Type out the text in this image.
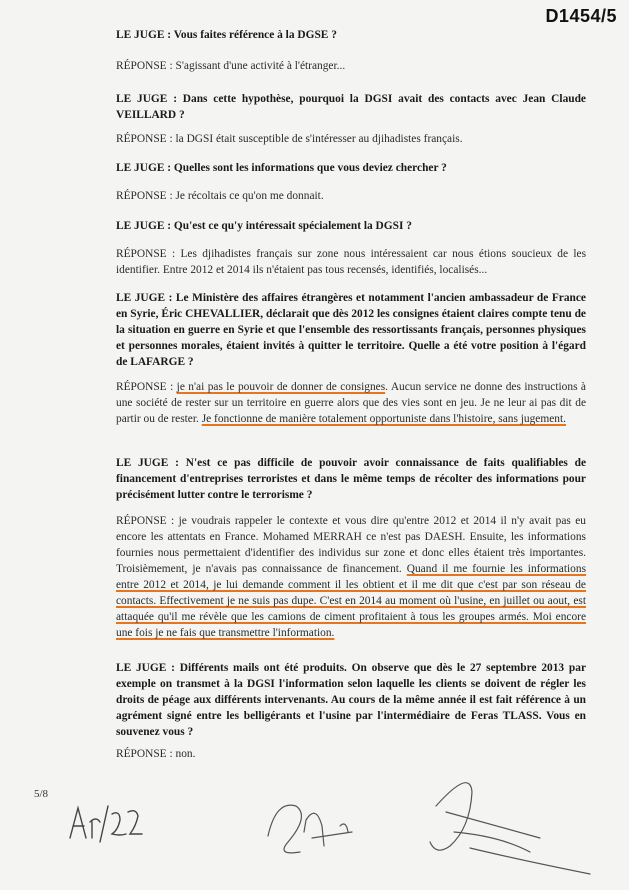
D1454/5
LE JUGE : Vous faites référence à la DGSE ?
RÉPONSE : S'agissant d'une activité à l'étranger...
LE JUGE : Dans cette hypothèse, pourquoi la DGSI avait des contacts avec Jean Claude VEILLARD ?
RÉPONSE : la DGSI était susceptible de s'intéresser au djihadistes français.
LE JUGE : Quelles sont les informations que vous deviez chercher ?
RÉPONSE : Je récoltais ce qu'on me donnait.
LE JUGE : Qu'est ce qu'y intéressait spécialement la DGSI ?
RÉPONSE : Les djihadistes français sur zone nous intéressaient car nous étions soucieux de les identifier. Entre 2012 et 2014 ils n'étaient pas tous recensés, identifiés, localisés...
LE JUGE : Le Ministère des affaires étrangères et notamment l'ancien ambassadeur de France en Syrie, Éric CHEVALLIER, déclarait que dès 2012 les consignes étaient claires compte tenu de la situation en guerre en Syrie et que l'ensemble des ressortissants français, personnes physiques et personnes morales, étaient invités à quitter le territoire. Quelle a été votre position à l'égard de LAFARGE ?
RÉPONSE : je n'ai pas le pouvoir de donner de consignes. Aucun service ne donne des instructions à une société de rester sur un territoire en guerre alors que des vies sont en jeu. Je ne leur ai pas dit de partir ou de rester. Je fonctionne de manière totalement opportuniste dans l'histoire, sans jugement.
LE JUGE : N'est ce pas difficile de pouvoir avoir connaissance de faits qualifiables de financement d'entreprises terroristes et dans le même temps de récolter des informations pour précisément lutter contre le terrorisme ?
RÉPONSE : je voudrais rappeler le contexte et vous dire qu'entre 2012 et 2014 il n'y avait pas eu encore les attentats en France. Mohamed MERRAH ce n'est pas DAESH. Ensuite, les informations fournies nous permettaient d'identifier des individus sur zone et donc elles étaient très importantes. Troisièmement, je n'avais pas connaissance de financement. Quand il me fournie les informations entre 2012 et 2014, je lui demande comment il les obtient et il me dit que c'est par son réseau de contacts. Effectivement je ne suis pas dupe. C'est en 2014 au moment où l'usine, en juillet ou aout, est attaquée qu'il me révèle que les camions de ciment profitaient à tous les groupes armés. Moi encore une fois je ne fais que transmettre l'information.
LE JUGE : Différents mails ont été produits. On observe que dès le 27 septembre 2013 par exemple on transmet à la DGSI l'information selon laquelle les clients se doivent de régler les droits de péage aux différents intervenants. Au cours de la même année il est fait référence à un agrément signé entre les belligérants et l'usine par l'intermédiaire de Feras TLASS. Vous en souvenez vous ?
RÉPONSE : non.
5/8
